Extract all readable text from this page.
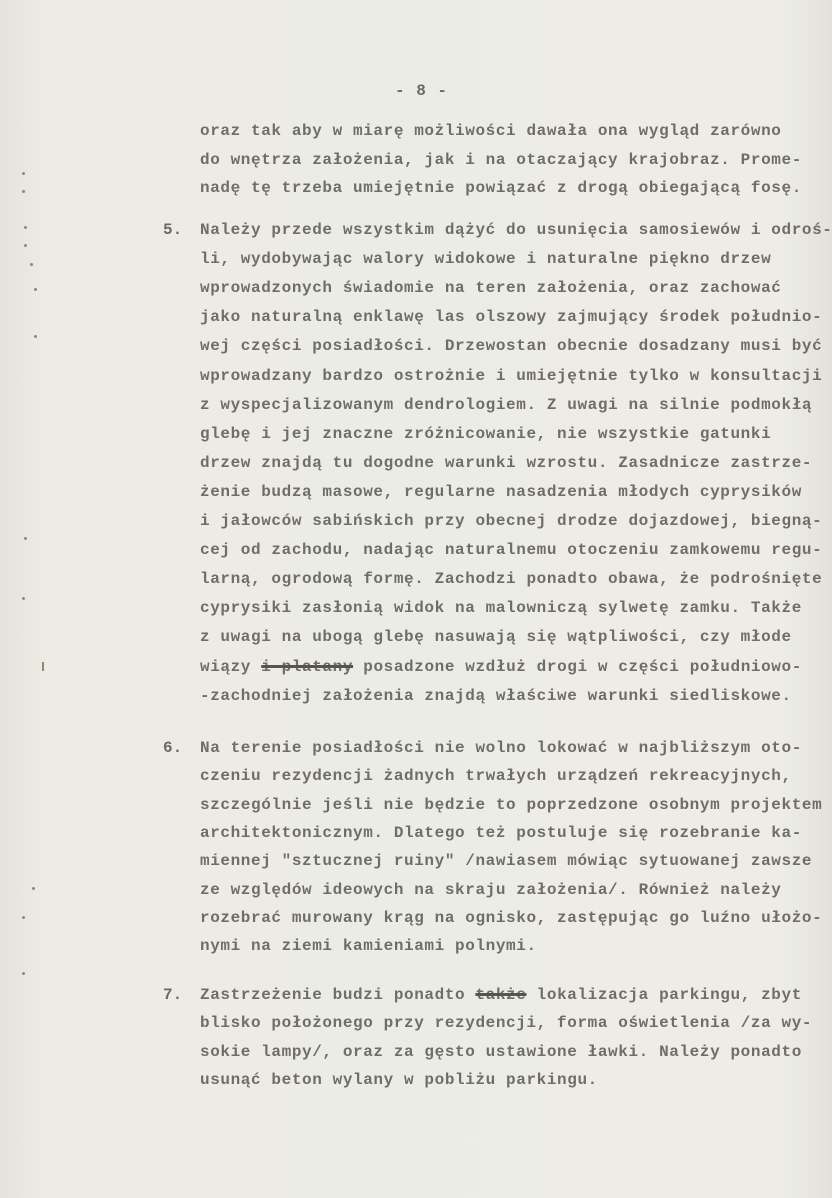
- 8 -
oraz tak aby w miarę możliwości dawała ona wygląd zarówno
do wnętrza założenia, jak i na otaczający krajobraz. Prome-
nadę tę trzeba umiejętnie powiązać z drogą obiegającą fosę.
5. Należy przede wszystkim dążyć do usunięcia samosiewów i odroś-
li, wydobywając walory widokowe i naturalne piękno drzew
wprowadzonych świadomie na teren założenia, oraz zachować
jako naturalną enklawę las olszowy zajmujący środek południo-
wej części posiadłości. Drzewostan obecnie dosadzany musi być
wprowadzany bardzo ostrożnie i umiejętnie tylko w konsultacji
z wyspecjalizowanym dendrologiem. Z uwagi na silnie podmokłą
glebę i jej znaczne zróżnicowanie, nie wszystkie gatunki
drzew znajdą tu dogodne warunki wzrostu. Zasadnicze zastrze-
żenie budzą masowe, regularne nasadzenia młodych cyprysików
i jałowców sabińskich przy obecnej drodze dojazdowej, biegną-
cej od zachodu, nadając naturalnemu otoczeniu zamkowemu regu-
larną, ogrodową formę. Zachodzi ponadto obawa, że podrośnięte
cyprysiki zasłonią widok na malowniczą sylwetę zamku. Także
z uwagi na ubogą glebę nasuwają się wątpliwości, czy młode
wiązy i platany posadzone wzdłuż drogi w części południowo-
-zachodniej założenia znajdą właściwe warunki siedliskowe.
6. Na terenie posiadłości nie wolno lokować w najbliższym oto-
czeniu rezydencji żadnych trwałych urządzeń rekreacyjnych,
szczególnie jeśli nie będzie to poprzedzone osobnym projektem
architektonicznym. Dlatego też postuluje się rozebranie ka-
miennej "sztucznej ruiny" /nawiasem mówiąc sytuowanej zawsze
ze względów ideowych na skraju założenia/. Również należy
rozebrać murowany krąg na ognisko, zastępując go luźno ułożo-
nymi na ziemi kamieniami polnymi.
7. Zastrzeżenie budzi ponadto także lokalizacja parkingu, zbyt
blisko położonego przy rezydencji, forma oświetlenia /za wy-
sokie lampy/, oraz za gęsto ustawione ławki. Należy ponadto
usunąć beton wylany w pobliżu parkingu.
